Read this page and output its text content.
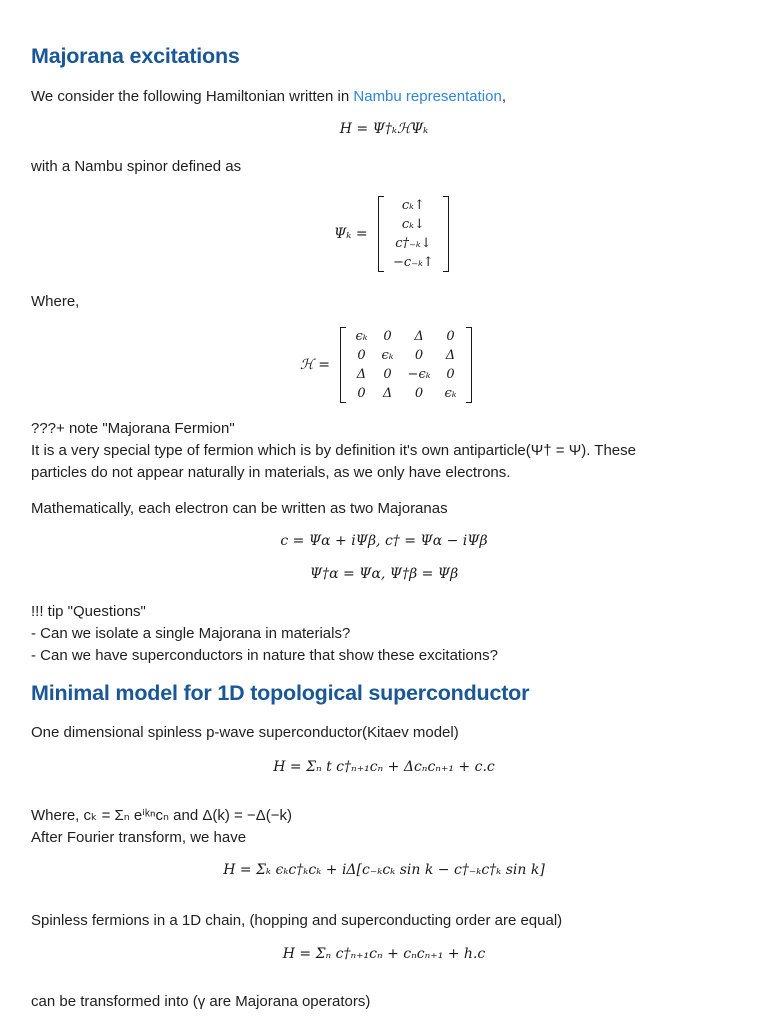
Majorana excitations
We consider the following Hamiltonian written in Nambu representation,
H = Ψ†ₖℋΨₖ
with a Nambu spinor defined as
Ψₖ =
cₖ↑
cₖ↓
c†₋ₖ↓
−c₋ₖ↑
Where,
ℋ =
ϵₖ	0	Δ	0
0	ϵₖ	0	Δ
Δ	0	−ϵₖ	0
0	Δ	0	ϵₖ
???+ note "Majorana Fermion"
It is a very special type of fermion which is by definition it's own antiparticle(Ψ† = Ψ). These
particles do not appear naturally in materials, as we only have electrons.
Mathematically, each electron can be written as two Majoranas
c = Ψα + iΨβ, c† = Ψα − iΨβ
Ψ†α = Ψα, Ψ†β = Ψβ
!!! tip "Questions"
- Can we isolate a single Majorana in materials?
- Can we have superconductors in nature that show these excitations?
Minimal model for 1D topological superconductor
One dimensional spinless p-wave superconductor(Kitaev model)
H = Σₙ t c†ₙ₊₁cₙ + Δcₙcₙ₊₁ + c.c
Where, cₖ = Σₙ eⁱᵏⁿcₙ and Δ(k) = −Δ(−k)
After Fourier transform, we have
H = Σₖ ϵₖc†ₖcₖ + iΔ[c₋ₖcₖ sin k − c†₋ₖc†ₖ sin k]
Spinless fermions in a 1D chain, (hopping and superconducting order are equal)
H = Σₙ c†ₙ₊₁cₙ + cₙcₙ₊₁ + h.c
can be transformed into (γ are Majorana operators)
